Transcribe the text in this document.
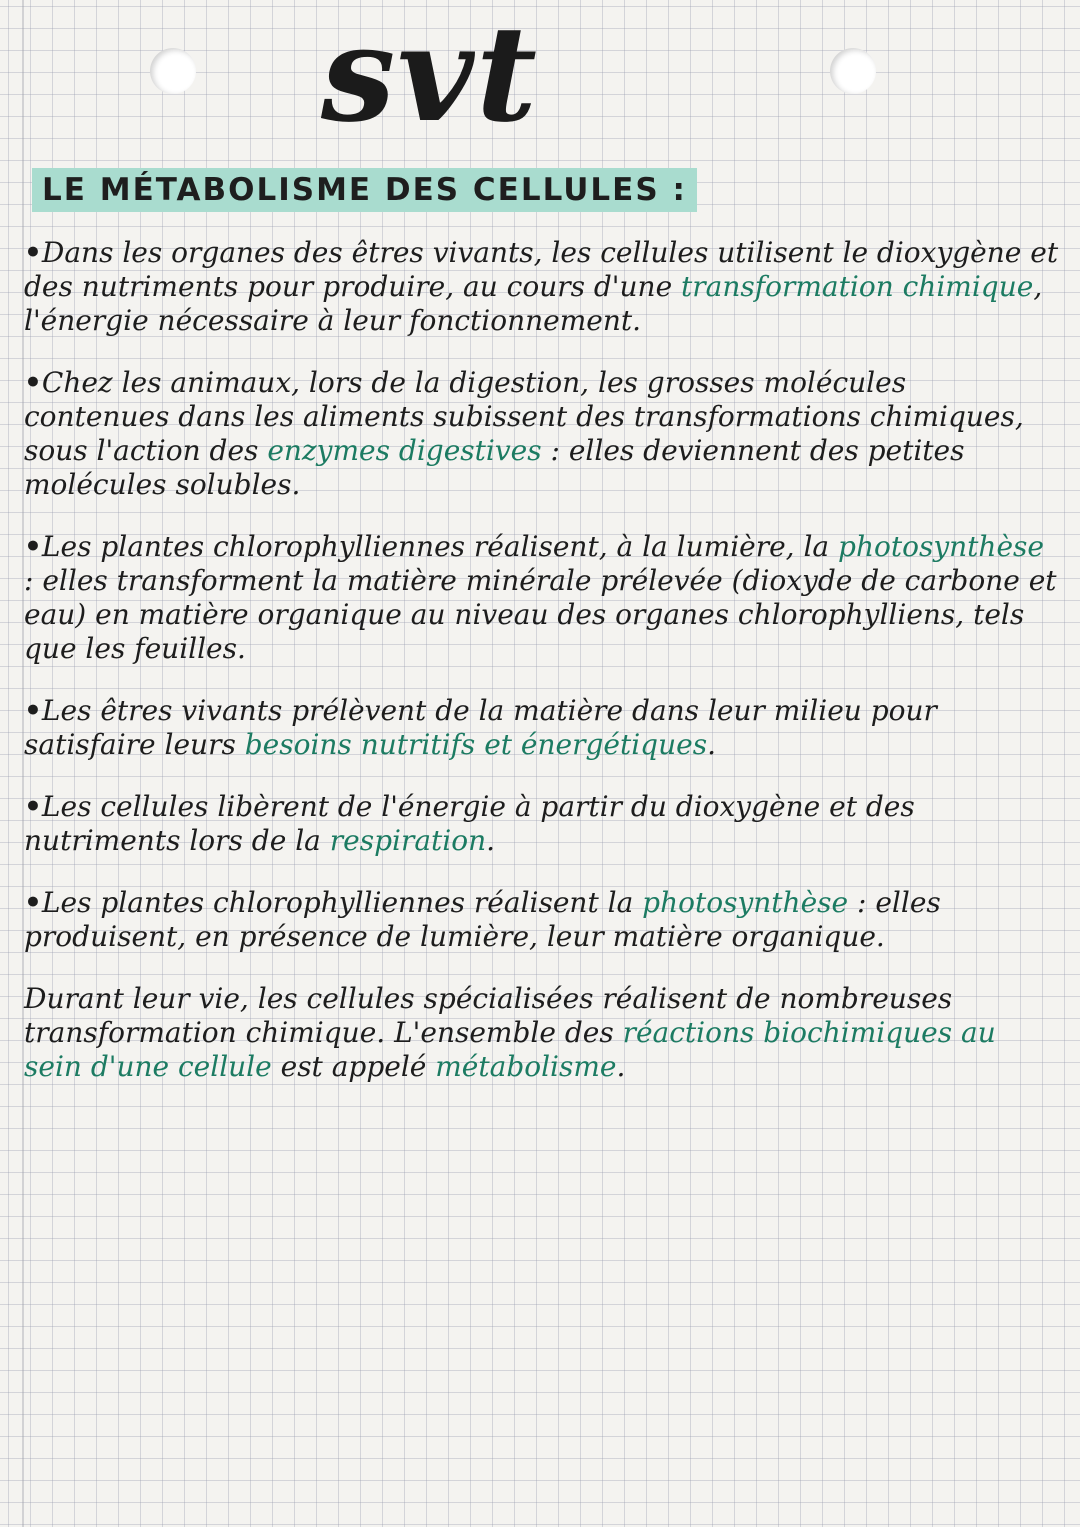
svt
LE MÉTABOLISME DES CELLULES :

•Dans les organes des êtres vivants, les cellules utilisent le dioxygène et des nutriments pour produire, au cours d'une transformation chimique, l'énergie nécessaire à leur fonctionnement.

•Chez les animaux, lors de la digestion, les grosses molécules contenues dans les aliments subissent des transformations chimiques, sous l'action des enzymes digestives : elles deviennent des petites molécules solubles.

•Les plantes chlorophylliennes réalisent, à la lumière, la photosynthèse : elles transforment la matière minérale prélevée (dioxyde de carbone et eau) en matière organique au niveau des organes chlorophylliens, tels que les feuilles.

•Les êtres vivants prélèvent de la matière dans leur milieu pour satisfaire leurs besoins nutritifs et énergétiques.

•Les cellules libèrent de l'énergie à partir du dioxygène et des nutriments lors de la respiration.

•Les plantes chlorophylliennes réalisent la photosynthèse : elles produisent, en présence de lumière, leur matière organique.

Durant leur vie, les cellules spécialisées réalisent de nombreuses transformation chimique. L'ensemble des réactions biochimiques au sein d'une cellule est appelé métabolisme.
